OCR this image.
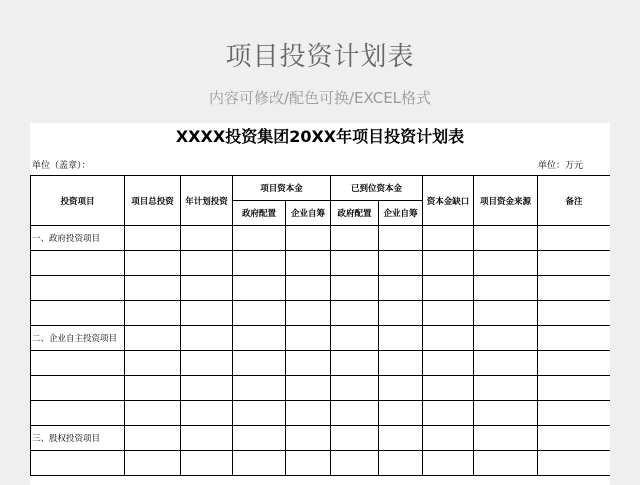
项目投资计划表
内容可修改/配色可换/EXCEL格式
XXXX投资集团20XX年项目投资计划表
单位（盖章）：	单位：万元
投资项目	项目总投资	年计划投资	项目资本金		已到位资本金		资本金缺口	项目资金来源	备注
			政府配置	企业自筹	政府配置	企业自筹			
一、政府投资项目									

二、企业自主投资项目									

三、股权投资项目									
